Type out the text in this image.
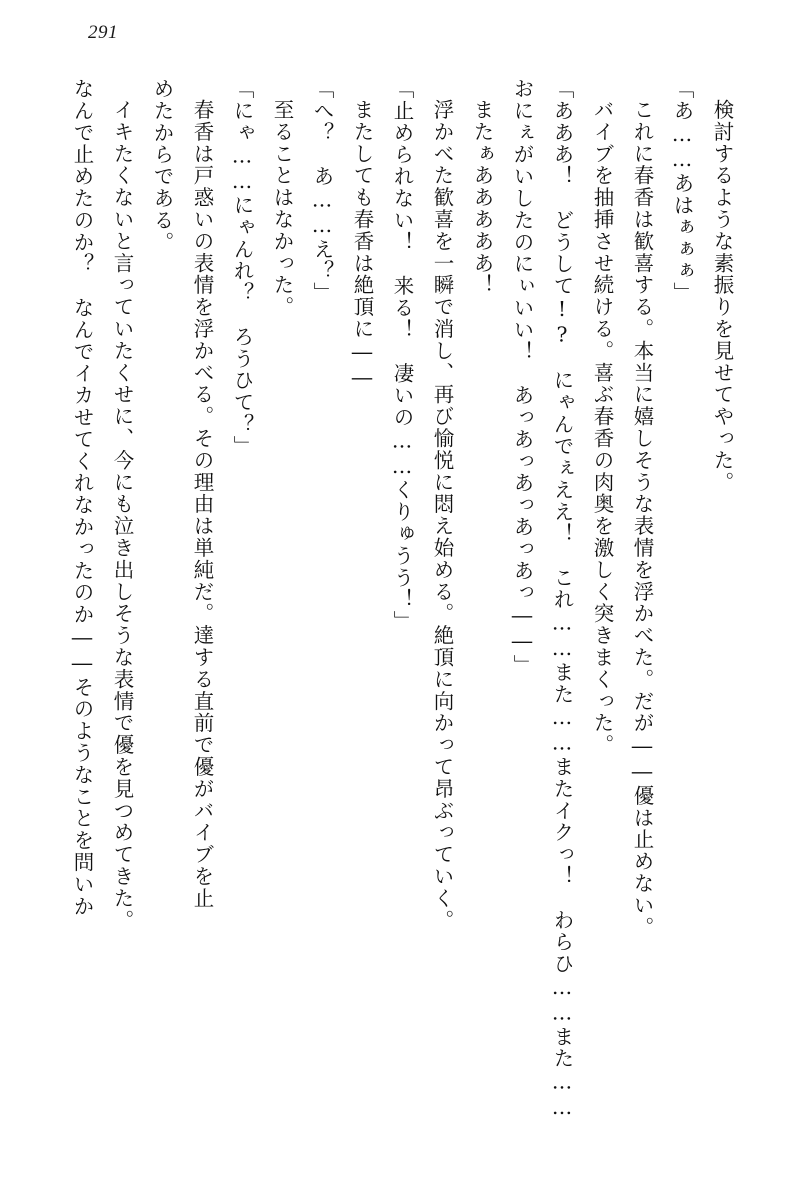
291

検討するような素振りを見せてやった。

「あ……あはぁぁぁ」

これに春香は歓喜する。本当に嬉しそうな表情を浮かべた。だが――優は止めない。

バイブを抽挿させ続ける。喜ぶ春香の肉奥を激しく突きまくった。

「あああ！　どうして!?　にゃんでぇええ！　これ……また……またイクっ！　わらひ……また……

おにぇがいしたのにぃいい！　あっあっあっあっあっ――」

またぁあああああ！

浮かべた歓喜を一瞬で消し、再び愉悦に悶え始める。絶頂に向かって昂ぶっていく。

「止められない！　来る！　凄いの……くりゅうう！」

またしても春香は絶頂に――

「へ？　あ……え？」

至ることはなかった。

「にゃ……にゃんれ？　ろうひて？」

春香は戸惑いの表情を浮かべる。その理由は単純だ。達する直前で優がバイブを止

めたからである。

イキたくないと言っていたくせに、今にも泣き出しそうな表情で優を見つめてきた。

なんで止めたのか？　なんでイカせてくれなかったのか――そのようなことを問いか
